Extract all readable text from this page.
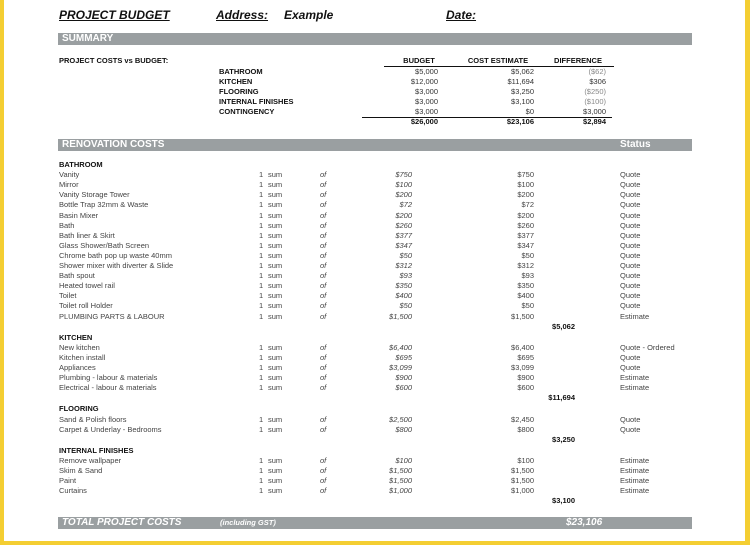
PROJECT BUDGET	Address: Example	Date:
SUMMARY
PROJECT COSTS vs BUDGET:	BUDGET	COST ESTIMATE	DIFFERENCE
BATHROOM	$5,000	$5,062	($62)
KITCHEN	$12,000	$11,694	$306
FLOORING	$3,000	$3,250	($250)
INTERNAL FINISHES	$3,000	$3,100	($100)
CONTINGENCY	$3,000	$0	$3,000
$26,000	$23,106	$2,894
RENOVATION COSTS	Status
BATHROOM
Vanity	1 sum	of	$750	$750	Quote
Mirror	1 sum	of	$100	$100	Quote
Vanity Storage Tower	1 sum	of	$200	$200	Quote
Bottle Trap 32mm & Waste	1 sum	of	$72	$72	Quote
Basin Mixer	1 sum	of	$200	$200	Quote
Bath	1 sum	of	$260	$260	Quote
Bath liner & Skirt	1 sum	of	$377	$377	Quote
Glass Shower/Bath Screen	1 sum	of	$347	$347	Quote
Chrome bath pop up waste 40mm	1 sum	of	$50	$50	Quote
Shower mixer with diverter & Slide	1 sum	of	$312	$312	Quote
Bath spout	1 sum	of	$93	$93	Quote
Heated towel rail	1 sum	of	$350	$350	Quote
Toilet	1 sum	of	$400	$400	Quote
Toilet roll Holder	1 sum	of	$50	$50	Quote
PLUMBING PARTS & LABOUR	1 sum	of	$1,500	$1,500	Estimate
$5,062
KITCHEN
New kitchen	1 sum	of	$6,400	$6,400	Quote - Ordered
Kitchen install	1 sum	of	$695	$695	Quote
Appliances	1 sum	of	$3,099	$3,099	Quote
Plumbing - labour & materials	1 sum	of	$900	$900	Estimate
Electrical - labour & materials	1 sum	of	$600	$600	Estimate
$11,694
FLOORING
Sand & Polish floors	1 sum	of	$2,500	$2,450	Quote
Carpet & Underlay - Bedrooms	1 sum	of	$800	$800	Quote
$3,250
INTERNAL FINISHES
Remove wallpaper	1 sum	of	$100	$100	Estimate
Skim & Sand	1 sum	of	$1,500	$1,500	Estimate
Paint	1 sum	of	$1,500	$1,500	Estimate
Curtains	1 sum	of	$1,000	$1,000	Estimate
$3,100
TOTAL PROJECT COSTS	(including GST)	$23,106
